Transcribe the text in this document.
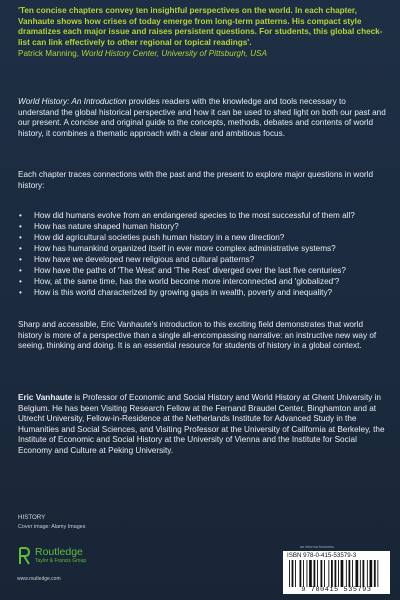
'Ten concise chapters convey ten insightful perspectives on the world. In each chapter, Vanhaute shows how crises of today emerge from long-term patterns. His compact style dramatizes each major issue and raises persistent questions. For students, this global check-list can link effectively to other regional or topical readings'.
Patrick Manning, World History Center, University of Pittsburgh, USA
World History: An Introduction provides readers with the knowledge and tools necessary to understand the global historical perspective and how it can be used to shed light on both our past and our present. A concise and original guide to the concepts, methods, debates and contents of world history, it combines a thematic approach with a clear and ambitious focus.
Each chapter traces connections with the past and the present to explore major questions in world history:
• How did humans evolve from an endangered species to the most successful of them all?
• How has nature shaped human history?
• How did agricultural societies push human history in a new direction?
• How has humankind organized itself in ever more complex administrative systems?
• How have we developed new religious and cultural patterns?
• How have the paths of 'The West' and 'The Rest' diverged over the last five centuries?
• How, at the same time, has the world become more interconnected and 'globalized'?
• How is this world characterized by growing gaps in wealth, poverty and inequality?
Sharp and accessible, Eric Vanhaute's introduction to this exciting field demonstrates that world history is more of a perspective than a single all-encompassing narrative: an instructive new way of seeing, thinking and doing. It is an essential resource for students of history in a global context.
Eric Vanhaute is Professor of Economic and Social History and World History at Ghent University in Belgium. He has been Visiting Research Fellow at the Fernand Braudel Center, Binghamton and at Utrecht University, Fellow-in-Residence at the Netherlands Institute for Advanced Study in the Humanities and Social Sciences, and Visiting Professor at the University of California at Berkeley, the Institute of Economic and Social History at the University of Vienna and the Institute for Social Economy and Culture at Peking University.
HISTORY
Cover image: Alamy Images
Routledge
Taylor & Francis Group
www.routledge.com
an informa business
ISBN 978-0-415-53579-3
9 780415 535793
